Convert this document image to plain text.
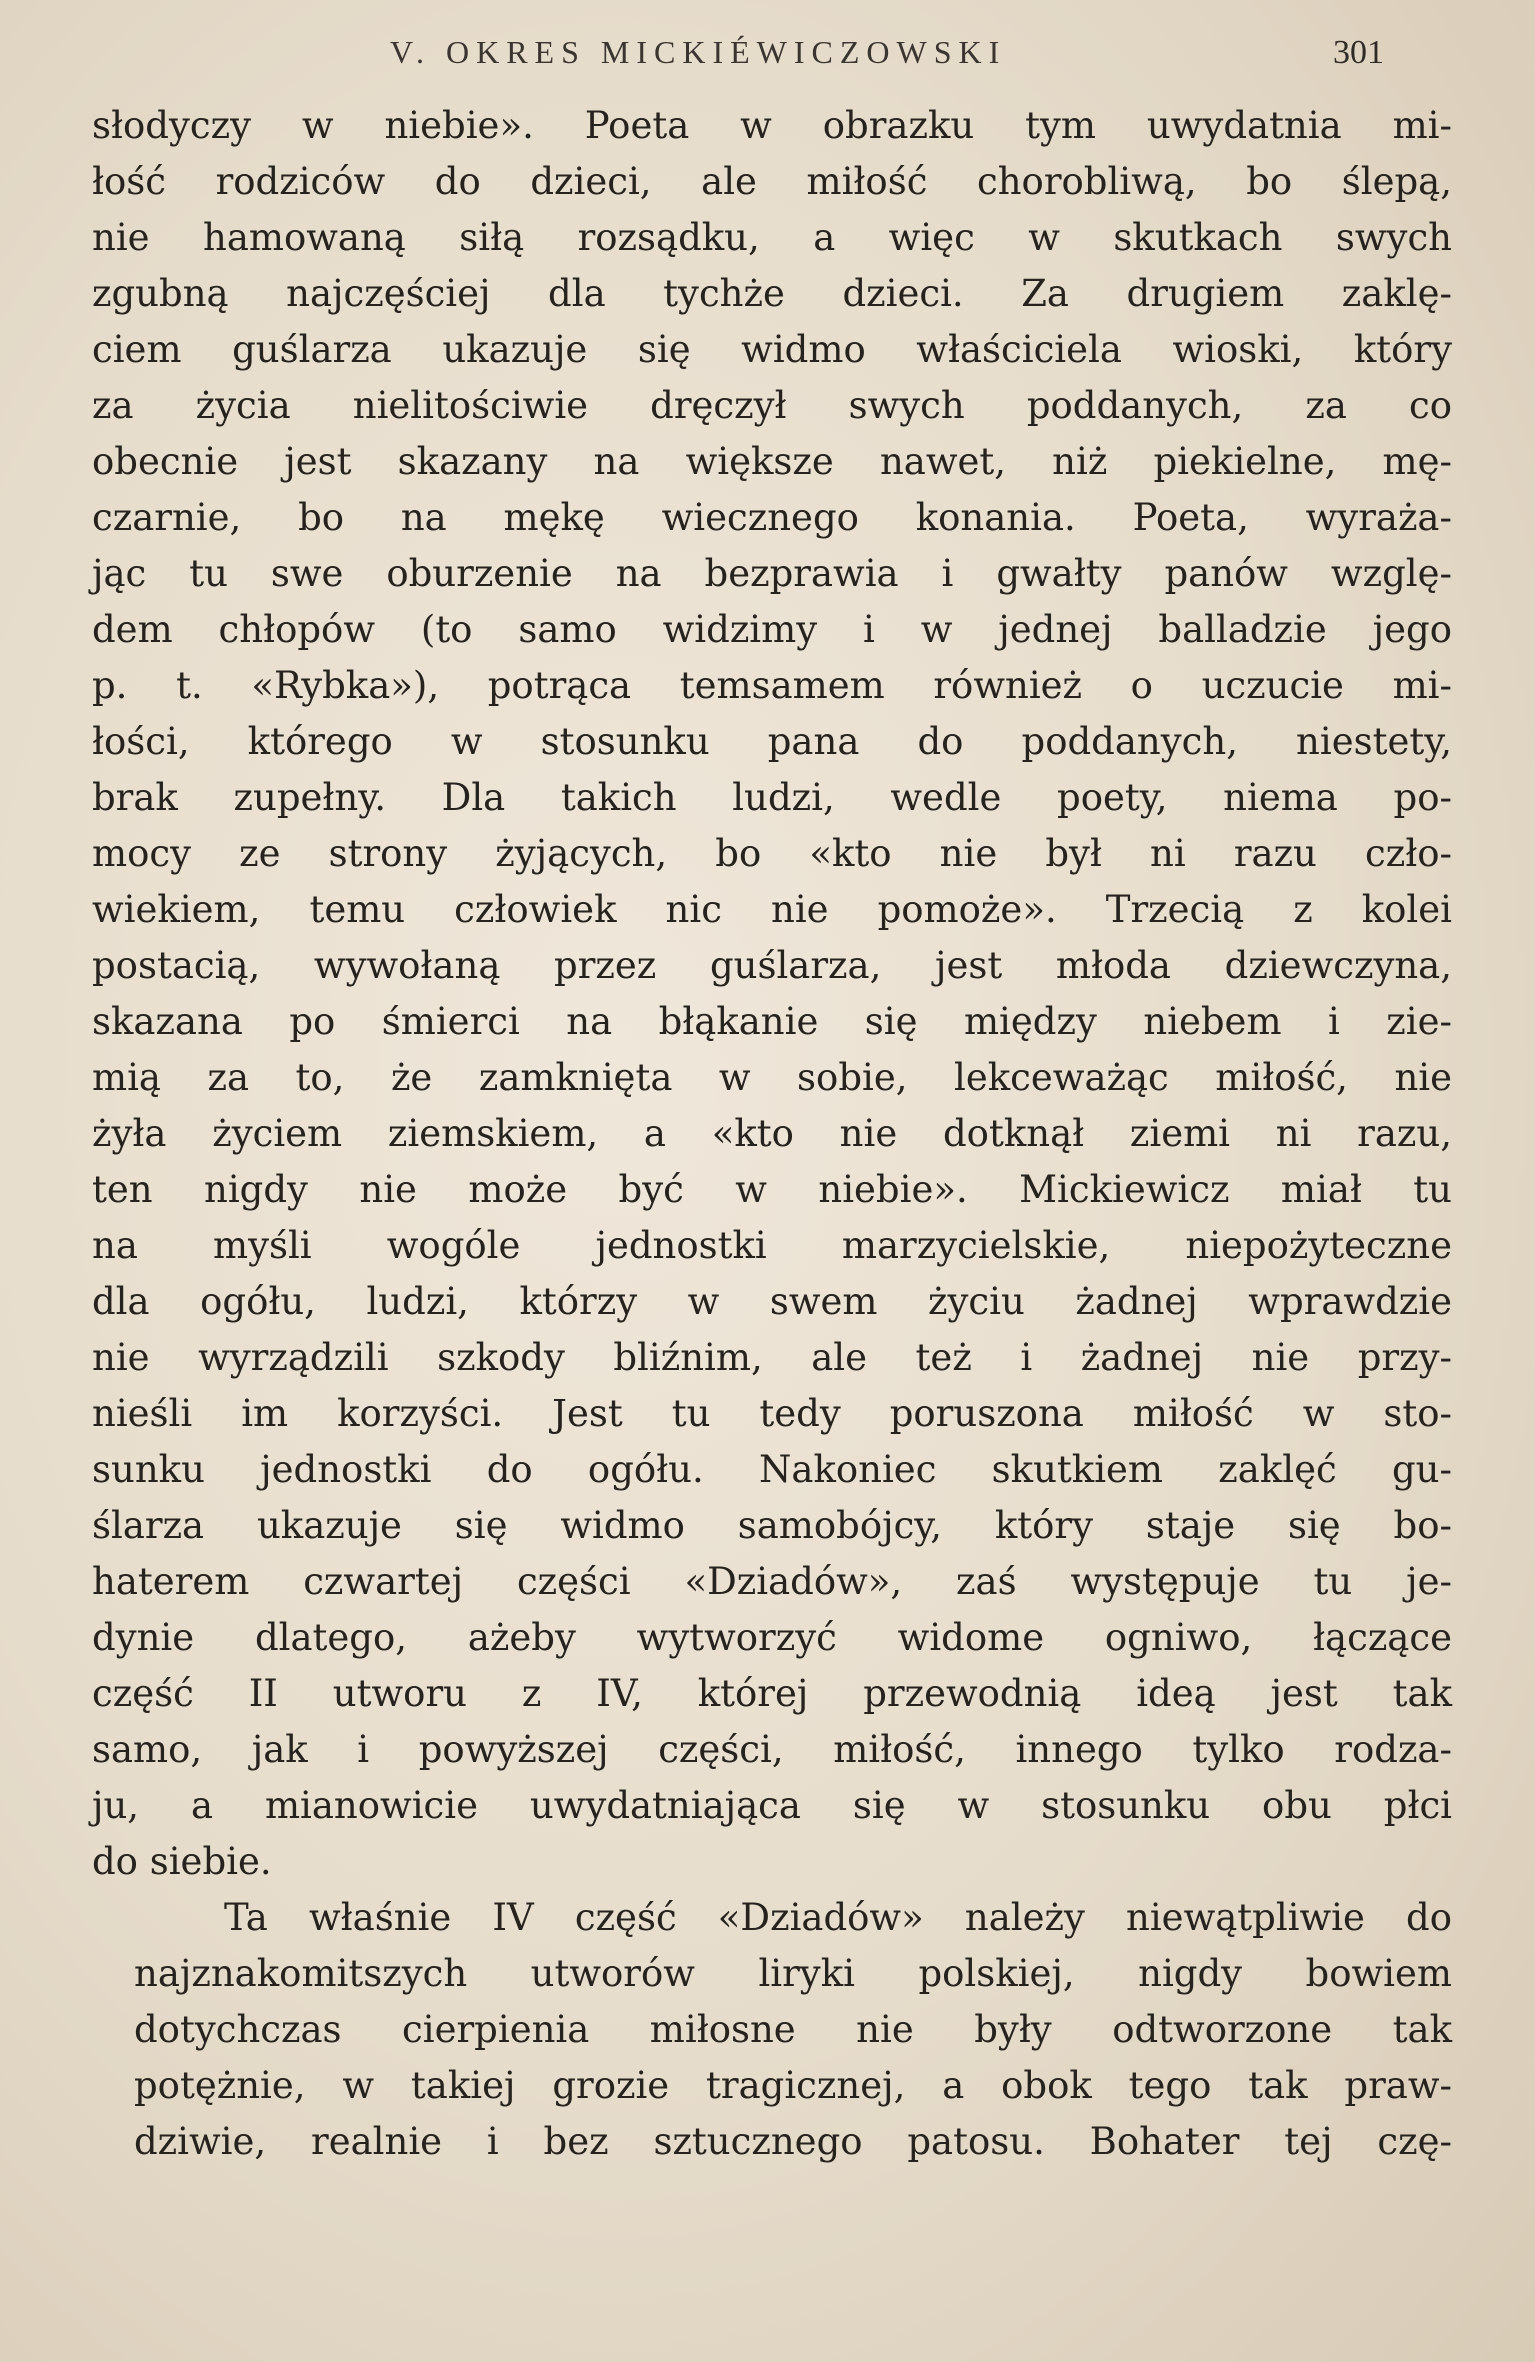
V. OKRES MICKIÉWICZOWSKI	301
słodyczy w niebie». Poeta w obrazku tym uwydatnia mi-
łość rodziców do dzieci, ale miłość chorobliwą, bo ślepą,
nie hamowaną siłą rozsądku, a więc w skutkach swych
zgubną najczęściej dla tychże dzieci. Za drugiem zaklę-
ciem guślarza ukazuje się widmo właściciela wioski, który
za życia nielitościwie dręczył swych poddanych, za co
obecnie jest skazany na większe nawet, niż piekielne, mę-
czarnie, bo na mękę wiecznego konania. Poeta, wyraża-
jąc tu swe oburzenie na bezprawia i gwałty panów wzglę-
dem chłopów (to samo widzimy i w jednej balladzie jego
p. t. «Rybka»), potrąca temsamem również o uczucie mi-
łości, którego w stosunku pana do poddanych, niestety,
brak zupełny. Dla takich ludzi, wedle poety, niema po-
mocy ze strony żyjących, bo «kto nie był ni razu czło-
wiekiem, temu człowiek nic nie pomoże». Trzecią z kolei
postacią, wywołaną przez guślarza, jest młoda dziewczyna,
skazana po śmierci na błąkanie się między niebem i zie-
mią za to, że zamknięta w sobie, lekceważąc miłość, nie
żyła życiem ziemskiem, a «kto nie dotknął ziemi ni razu,
ten nigdy nie może być w niebie». Mickiewicz miał tu
na myśli wogóle jednostki marzycielskie, niepożyteczne
dla ogółu, ludzi, którzy w swem życiu żadnej wprawdzie
nie wyrządzili szkody bliźnim, ale też i żadnej nie przy-
nieśli im korzyści. Jest tu tedy poruszona miłość w sto-
sunku jednostki do ogółu. Nakoniec skutkiem zaklęć gu-
ślarza ukazuje się widmo samobójcy, który staje się bo-
haterem czwartej części «Dziadów», zaś występuje tu je-
dynie dlatego, ażeby wytworzyć widome ogniwo, łączące
część II utworu z IV, której przewodnią ideą jest tak
samo, jak i powyższej części, miłość, innego tylko rodza-
ju, a mianowicie uwydatniająca się w stosunku obu płci
do siebie.
Ta właśnie IV część «Dziadów» należy niewątpliwie do
najznakomitszych utworów liryki polskiej, nigdy bowiem
dotychczas cierpienia miłosne nie były odtworzone tak
potężnie, w takiej grozie tragicznej, a obok tego tak praw-
dziwie, realnie i bez sztucznego patosu. Bohater tej czę-
